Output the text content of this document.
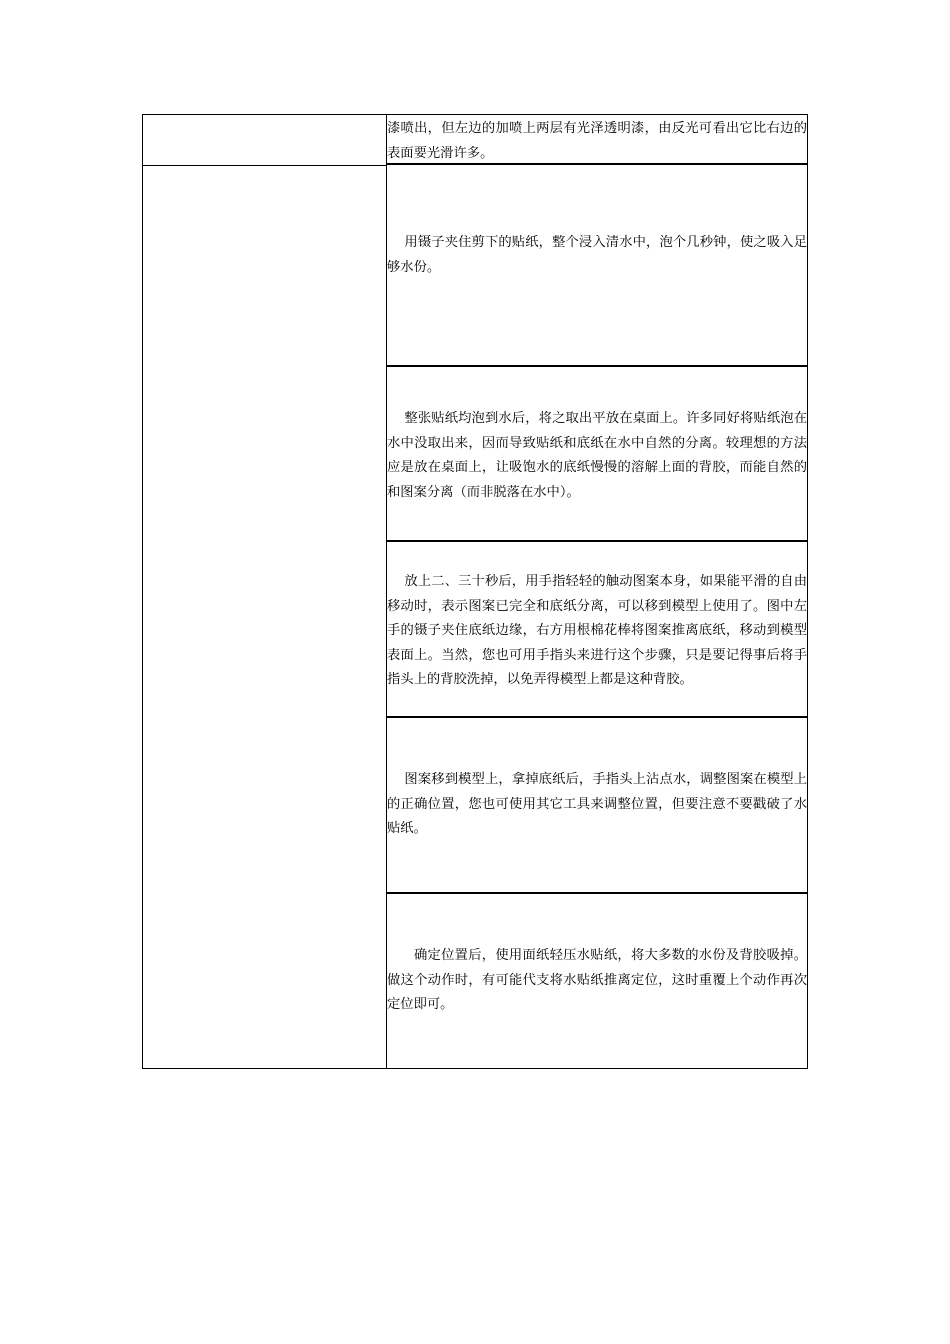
漆喷出，但左边的加喷上两层有光泽透明漆，由反光可看出它比右边的表面要光滑许多。

用镊子夹住剪下的贴纸，整个浸入清水中，泡个几秒钟，使之吸入足够水份。

整张贴纸均泡到水后，将之取出平放在桌面上。许多同好将贴纸泡在水中没取出来，因而导致贴纸和底纸在水中自然的分离。较理想的方法应是放在桌面上，让吸饱水的底纸慢慢的溶解上面的背胶，而能自然的和图案分离（而非脱落在水中）。

放上二、三十秒后，用手指轻轻的触动图案本身，如果能平滑的自由移动时，表示图案已完全和底纸分离，可以移到模型上使用了。图中左手的镊子夹住底纸边缘，右方用根棉花棒将图案推离底纸，移动到模型表面上。当然，您也可用手指头来进行这个步骤，只是要记得事后将手指头上的背胶洗掉，以免弄得模型上都是这种背胶。

图案移到模型上，拿掉底纸后，手指头上沾点水，调整图案在模型上的正确位置，您也可使用其它工具来调整位置，但要注意不要戳破了水贴纸。

确定位置后，使用面纸轻压水贴纸，将大多数的水份及背胶吸掉。做这个动作时，有可能代支将水贴纸推离定位，这时重覆上个动作再次定位即可。
